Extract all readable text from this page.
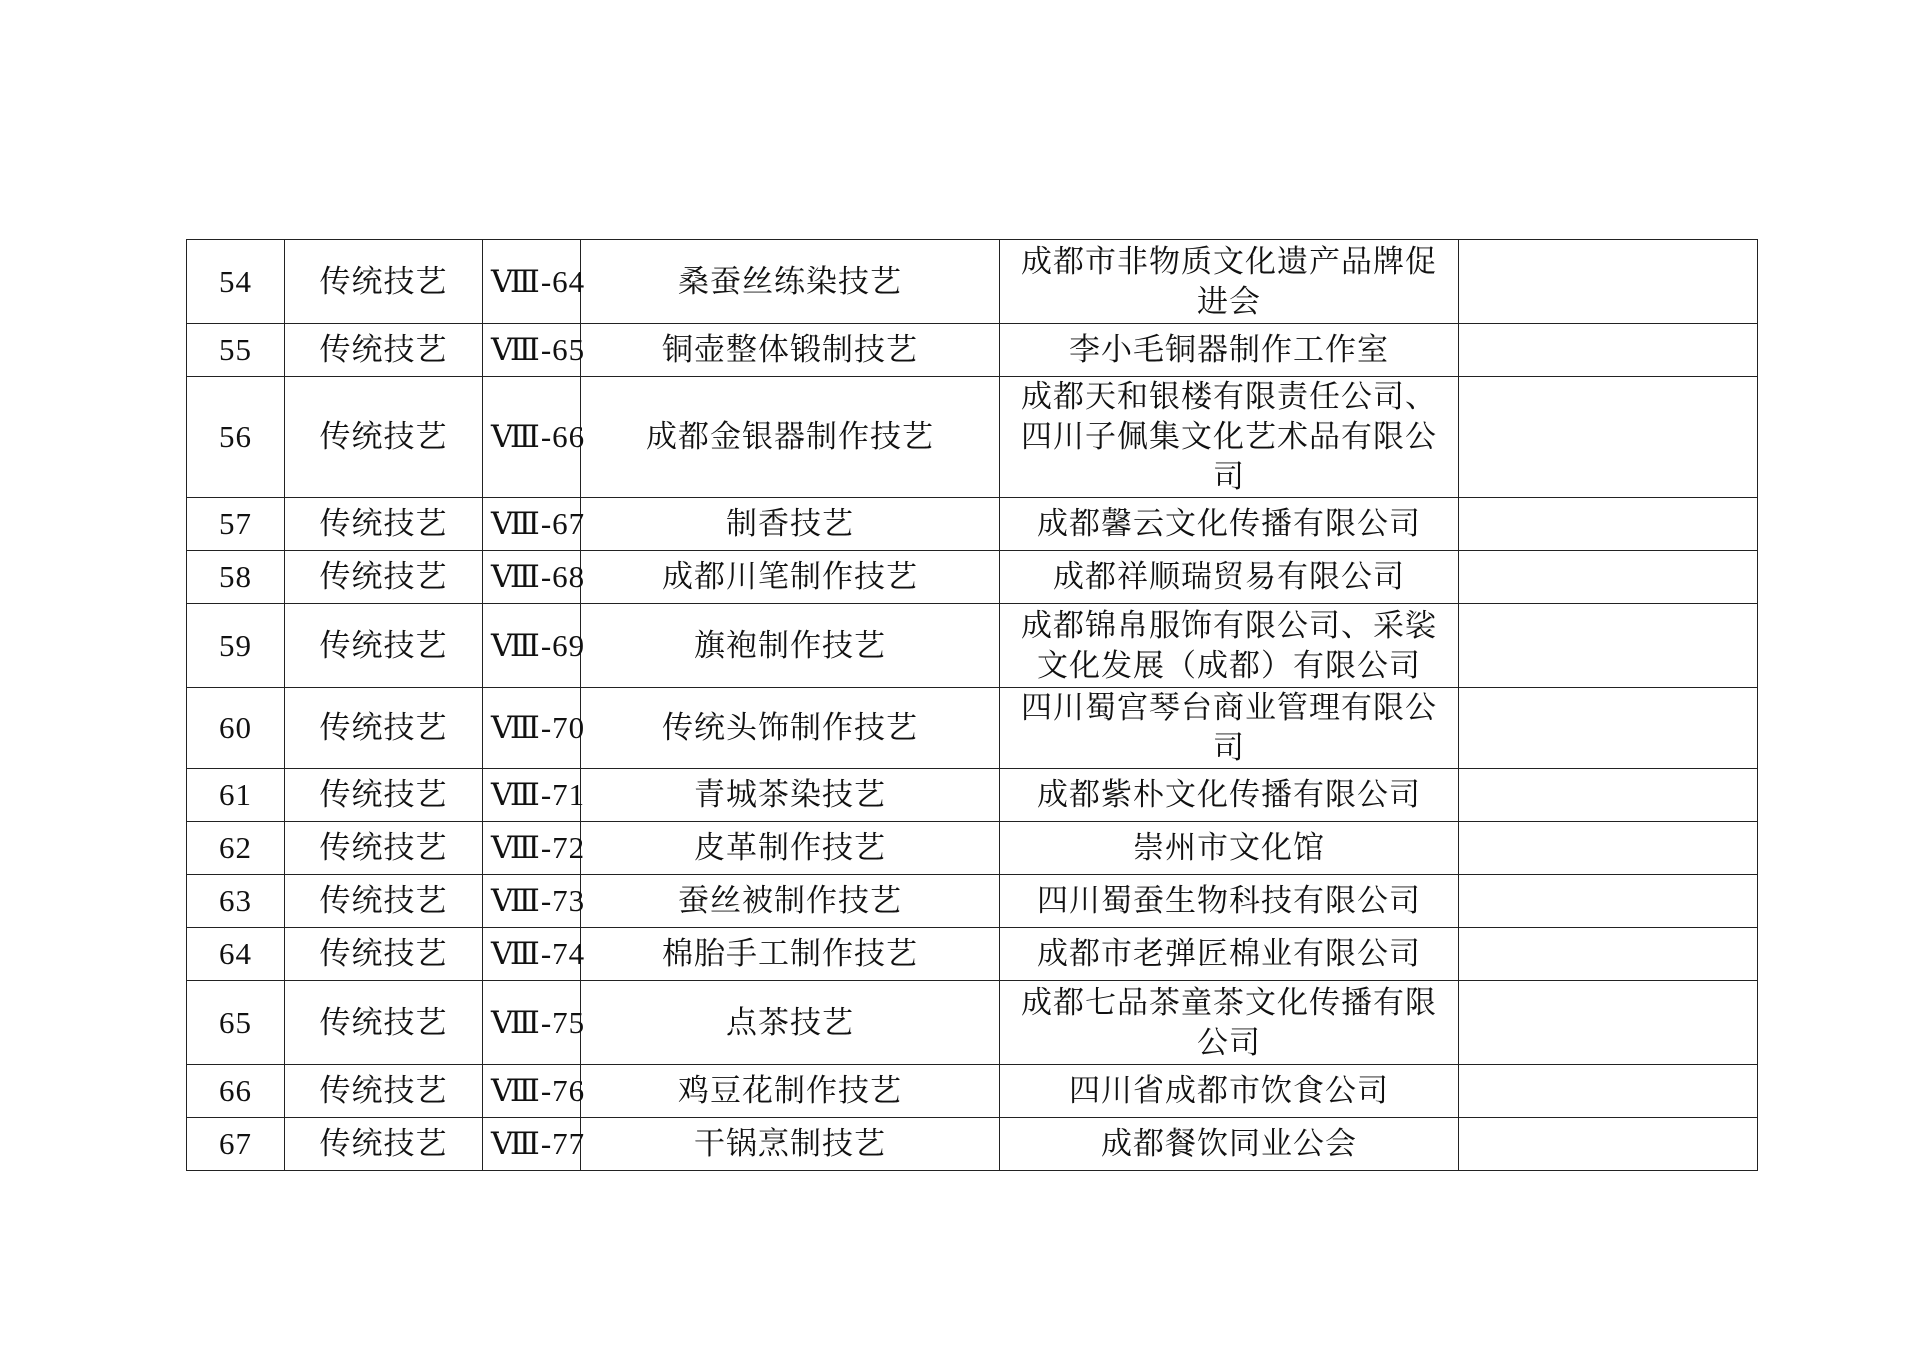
54	传统技艺	Ⅷ-64	桑蚕丝练染技艺	成都市非物质文化遗产品牌促进会	
55	传统技艺	Ⅷ-65	铜壶整体锻制技艺	李小毛铜器制作工作室	
56	传统技艺	Ⅷ-66	成都金银器制作技艺	成都天和银楼有限责任公司、四川子佩集文化艺术品有限公司	
57	传统技艺	Ⅷ-67	制香技艺	成都馨云文化传播有限公司	
58	传统技艺	Ⅷ-68	成都川笔制作技艺	成都祥顺瑞贸易有限公司	
59	传统技艺	Ⅷ-69	旗袍制作技艺	成都锦帛服饰有限公司、采裟文化发展（成都）有限公司	
60	传统技艺	Ⅷ-70	传统头饰制作技艺	四川蜀宫琴台商业管理有限公司	
61	传统技艺	Ⅷ-71	青城茶染技艺	成都紫朴文化传播有限公司	
62	传统技艺	Ⅷ-72	皮革制作技艺	崇州市文化馆	
63	传统技艺	Ⅷ-73	蚕丝被制作技艺	四川蜀蚕生物科技有限公司	
64	传统技艺	Ⅷ-74	棉胎手工制作技艺	成都市老弹匠棉业有限公司	
65	传统技艺	Ⅷ-75	点茶技艺	成都七品茶童茶文化传播有限公司	
66	传统技艺	Ⅷ-76	鸡豆花制作技艺	四川省成都市饮食公司	
67	传统技艺	Ⅷ-77	干锅烹制技艺	成都餐饮同业公会	
